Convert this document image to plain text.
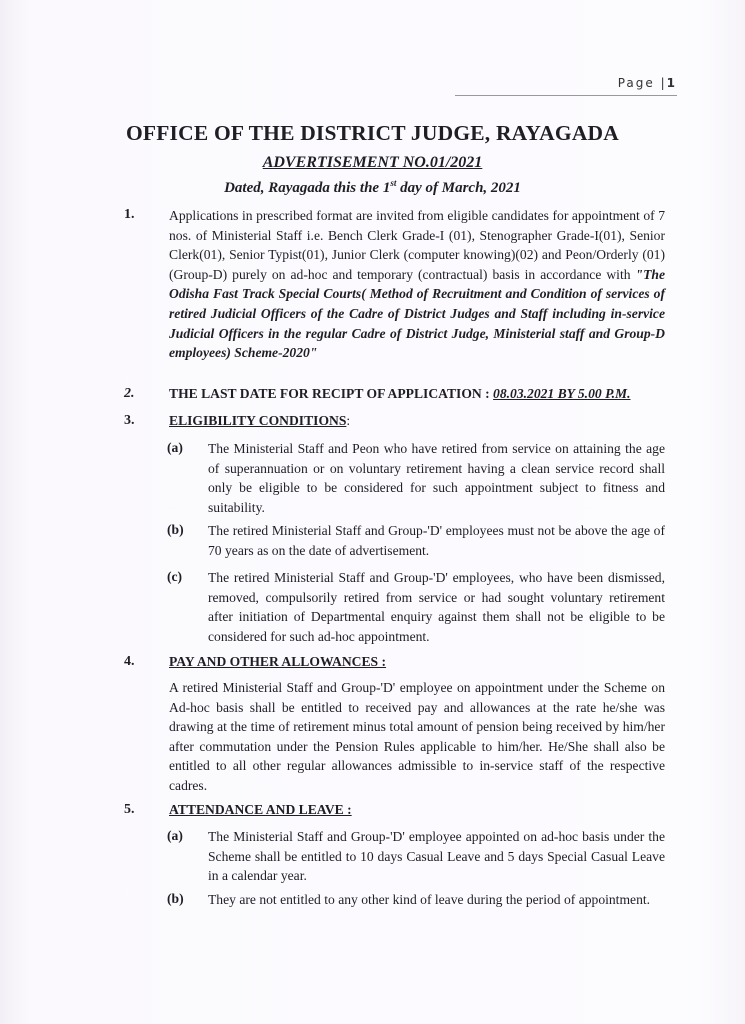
Page |1
OFFICE OF THE DISTRICT JUDGE, RAYAGADA
ADVERTISEMENT NO.01/2021
Dated, Rayagada this the 1st day of March, 2021
1.	Applications in prescribed format are invited from eligible candidates for appointment of 7 nos. of Ministerial Staff i.e. Bench Clerk Grade-I (01), Stenographer Grade-I(01), Senior Clerk(01), Senior Typist(01), Junior Clerk (computer knowing)(02) and Peon/Orderly (01) (Group-D) purely on ad-hoc and temporary (contractual) basis in accordance with "The Odisha Fast Track Special Courts( Method of Recruitment and Condition of services of retired Judicial Officers of the Cadre of District Judges and Staff including in-service Judicial Officers in the regular Cadre of District Judge, Ministerial staff and Group-D employees) Scheme-2020"
2.	THE LAST DATE FOR RECIPT OF APPLICATION : 08.03.2021 BY 5.00 P.M.
3.	ELIGIBILITY CONDITIONS:
(a) The Ministerial Staff and Peon who have retired from service on attaining the age of superannuation or on voluntary retirement having a clean service record shall only be eligible to be considered for such appointment subject to fitness and suitability.
(b) The retired Ministerial Staff and Group-'D' employees must not be above the age of 70 years as on the date of advertisement.
(c) The retired Ministerial Staff and Group-'D' employees, who have been dismissed, removed, compulsorily retired from service or had sought voluntary retirement after initiation of Departmental enquiry against them shall not be eligible to be considered for such ad-hoc appointment.
4.	PAY AND OTHER ALLOWANCES :
A retired Ministerial Staff and Group-'D' employee on appointment under the Scheme on Ad-hoc basis shall be entitled to received pay and allowances at the rate he/she was drawing at the time of retirement minus total amount of pension being received by him/her after commutation under the Pension Rules applicable to him/her. He/She shall also be entitled to all other regular allowances admissible to in-service staff of the respective cadres.
5.	ATTENDANCE AND LEAVE :
(a) The Ministerial Staff and Group-'D' employee appointed on ad-hoc basis under the Scheme shall be entitled to 10 days Casual Leave and 5 days Special Casual Leave in a calendar year.
(b) They are not entitled to any other kind of leave during the period of appointment.
